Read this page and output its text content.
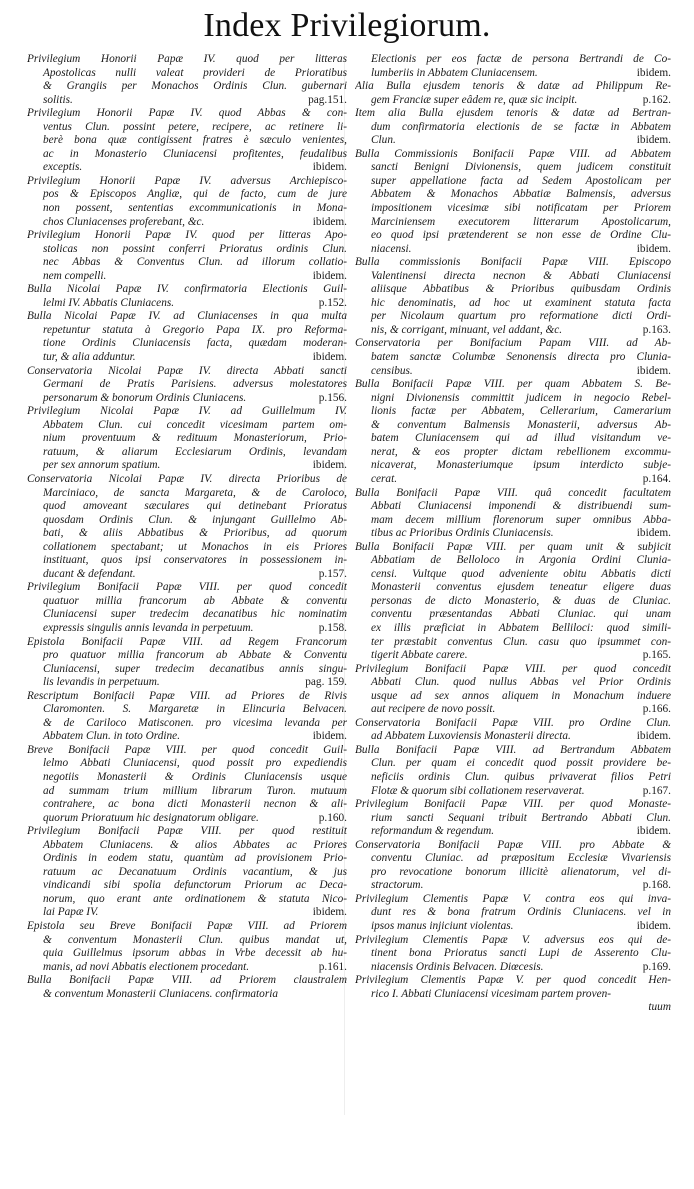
Index Privilegiorum.
Privilegium Honorii Papæ IV. quod per litteras
Apostolicas nulli valeat provideri de Prioratibus
& Grangiis per Monachos Ordinis Clun. gubernari
solitis.	pag.151.
Privilegium Honorii Papæ IV. quod Abbas & con-
ventus Clun. possint petere, recipere, ac retinere li-
berè bona quæ contigissent fratres è sæculo venientes,
ac in Monasterio Cluniacensi profitentes, feudalibus
exceptis.	ibidem.
Privilegium Honorii Papæ IV. adversus Archiepisco-
pos & Episcopos Angliæ, qui de facto, cum de jure
non possent, sententias excommunicationis in Mona-
chos Cluniacenses proferebant, &c.	ibidem.
Privilegium Honorii Papæ IV. quod per litteras Apo-
stolicas non possint conferri Prioratus ordinis Clun.
nec Abbas & Conventus Clun. ad illorum collatio-
nem compelli.	ibidem.
Bulla Nicolai Papæ IV. confirmatoria Electionis Guil-
lelmi IV. Abbatis Cluniacens.	p.152.
Bulla Nicolai Papæ IV. ad Cluniacenses in qua multa
repetuntur statuta à Gregorio Papa IX. pro Reforma-
tione Ordinis Cluniacensis facta, quædam moderan-
tur, & alia adduntur.	ibidem.
Conservatoria Nicolai Papæ IV. directa Abbati sancti
Germani de Pratis Parisiens. adversus molestatores
personarum & bonorum Ordinis Cluniacens.	p.156.
Privilegium Nicolai Papæ IV. ad Guillelmum IV.
Abbatem Clun. cui concedit vicesimam partem om-
nium proventuum & redituum Monasteriorum, Prio-
ratuum, & aliarum Ecclesiarum Ordinis, levandam
per sex annorum spatium.	ibidem.
Conservatoria Nicolai Papæ IV. directa Prioribus de
Marciniaco, de sancta Margareta, & de Caroloco,
quod amoveant sæculares qui detinebant Prioratus
quosdam Ordinis Clun. & injungant Guillelmo Ab-
bati, & aliis Abbatibus & Prioribus, ad quorum
collationem spectabant; ut Monachos in eis Priores
instituant, quos ipsi conservatores in possessionem in-
ducant & defendant.	p.157.
Privilegium Bonifacii Papæ VIII. per quod concedit
quatuor millia francorum ab Abbate & conventu
Cluniacensi super tredecim decanatibus hic nominatim
expressis singulis annis levanda in perpetuum.	p.158.
Epistola Bonifacii Papæ VIII. ad Regem Francorum
pro quatuor millia francorum ab Abbate & Conventu
Cluniacensi, super tredecim decanatibus annis singu-
lis levandis in perpetuum.	pag. 159.
Rescriptum Bonifacii Papæ VIII. ad Priores de Rivis
Claromonten. S. Margaretæ in Elincuria Belvacen.
& de Cariloco Matisconen. pro vicesima levanda per
Abbatem Clun. in toto Ordine.	ibidem.
Breve Bonifacii Papæ VIII. per quod concedit Guil-
lelmo Abbati Cluniacensi, quod possit pro expediendis
negotiis Monasterii & Ordinis Cluniacensis usque
ad summam trium millium librarum Turon. mutuum
contrahere, ac bona dicti Monasterii necnon & ali-
quorum Prioratuum hic designatorum obligare.	p.160.
Privilegium Bonifacii Papæ VIII. per quod restituit
Abbatem Cluniacens. & alios Abbates ac Priores
Ordinis in eodem statu, quantùm ad provisionem Prio-
ratuum ac Decanatuum Ordinis vacantium, & jus
vindicandi sibi spolia defunctorum Priorum ac Deca-
norum, quo erant ante ordinationem & statuta Nico-
lai Papæ IV.	ibidem.
Epistola seu Breve Bonifacii Papæ VIII. ad Priorem
& conventum Monasterii Clun. quibus mandat ut,
quia Guillelmus ipsorum abbas in Vrbe decessit ab hu-
manis, ad novi Abbatis electionem procedant.	p.161.
Bulla Bonifacii Papæ VIII. ad Priorem claustralem
& conventum Monasterii Cluniacens. confirmatoria
Electionis per eos factæ de persona Bertrandi de Co-
lumberiis in Abbatem Cluniacensem.	ibidem.
Alia Bulla ejusdem tenoris & datæ ad Philippum Re-
gem Franciæ super eâdem re, quæ sic incipit.	p.162.
Item alia Bulla ejusdem tenoris & datæ ad Bertran-
dum confirmatoria electionis de se factæ in Abbatem
Clun.	ibidem.
Bulla Commissionis Bonifacii Papæ VIII. ad Abbatem
sancti Benigni Divionensis, quem judicem constituit
super appellatione facta ad Sedem Apostolicam per
Abbatem & Monachos Abbatiæ Balmensis, adversus
impositionem vicesimæ sibi notificatam per Priorem
Marciniensem executorem litterarum Apostolicarum,
eo quod ipsi prætenderent se non esse de Ordine Clu-
niacensi.	ibidem.
Bulla commissionis Bonifacii Papæ VIII. Episcopo
Valentinensi directa necnon & Abbati Cluniacensi
aliisque Abbatibus & Prioribus quibusdam Ordinis
hic denominatis, ad hoc ut examinent statuta facta
per Nicolaum quartum pro reformatione dicti Ordi-
nis, & corrigant, minuant, vel addant, &c.	p.163.
Conservatoria per Bonifacium Papam VIII. ad Ab-
batem sanctæ Columbæ Senonensis directa pro Clunia-
censibus.	ibidem.
Bulla Bonifacii Papæ VIII. per quam Abbatem S. Be-
nigni Divionensis committit judicem in negocio Rebel-
lionis factæ per Abbatem, Cellerarium, Camerarium
& conventum Balmensis Monasterii, adversus Ab-
batem Cluniacensem qui ad illud visitandum ve-
nerat, & eos propter dictam rebellionem excommu-
nicaverat, Monasteriumque ipsum interdicto subje-
cerat.	p.164.
Bulla Bonifacii Papæ VIII. quâ concedit facultatem
Abbati Cluniacensi imponendi & distribuendi sum-
mam decem millium florenorum super omnibus Abba-
tibus ac Prioribus Ordinis Cluniacensis.	ibidem.
Bulla Bonifacii Papæ VIII. per quam unit & subjicit
Abbatiam de Belloloco in Argonia Ordini Clunia-
censi. Vultque quod adveniente obitu Abbatis dicti
Monasterii conventus ejusdem teneatur eligere duas
personas de dicto Monasterio, & duas de Cluniac.
conventu præsentandas Abbati Cluniac. qui unam
ex illis præficiat in Abbatem Belliloci: quod simili-
ter præstabit conventus Clun. casu quo ipsummet con-
tigerit Abbate carere.	p.165.
Privilegium Bonifacii Papæ VIII. per quod concedit
Abbati Clun. quod nullus Abbas vel Prior Ordinis
usque ad sex annos aliquem in Monachum induere
aut recipere de novo possit.	p.166.
Conservatoria Bonifacii Papæ VIII. pro Ordine Clun.
ad Abbatem Luxoviensis Monasterii directa.	ibidem.
Bulla Bonifacii Papæ VIII. ad Bertrandum Abbatem
Clun. per quam ei concedit quod possit providere be-
neficiis ordinis Clun. quibus privaverat filios Petri
Flotæ & quorum sibi collationem reservaverat.	p.167.
Privilegium Bonifacii Papæ VIII. per quod Monaste-
rium sancti Sequani tribuit Bertrando Abbati Clun.
reformandum & regendum.	ibidem.
Conservatoria Bonifacii Papæ VIII. pro Abbate &
conventu Cluniac. ad præpositum Ecclesiæ Vivariensis
pro revocatione bonorum illicitè alienatorum, vel di-
stractorum.	p.168.
Privilegium Clementis Papæ V. contra eos qui inva-
dunt res & bona fratrum Ordinis Cluniacens. vel in
ipsos manus injiciunt violentas.	ibidem.
Privilegium Clementis Papæ V. adversus eos qui de-
tinent bona Prioratus sancti Lupi de Asserento Clu-
niacensis Ordinis Belvacen. Diœcesis.	p.169.
Privilegium Clementis Papæ V. per quod concedit Hen-
rico I. Abbati Cluniacensi vicesimam partem proven-
tuum
